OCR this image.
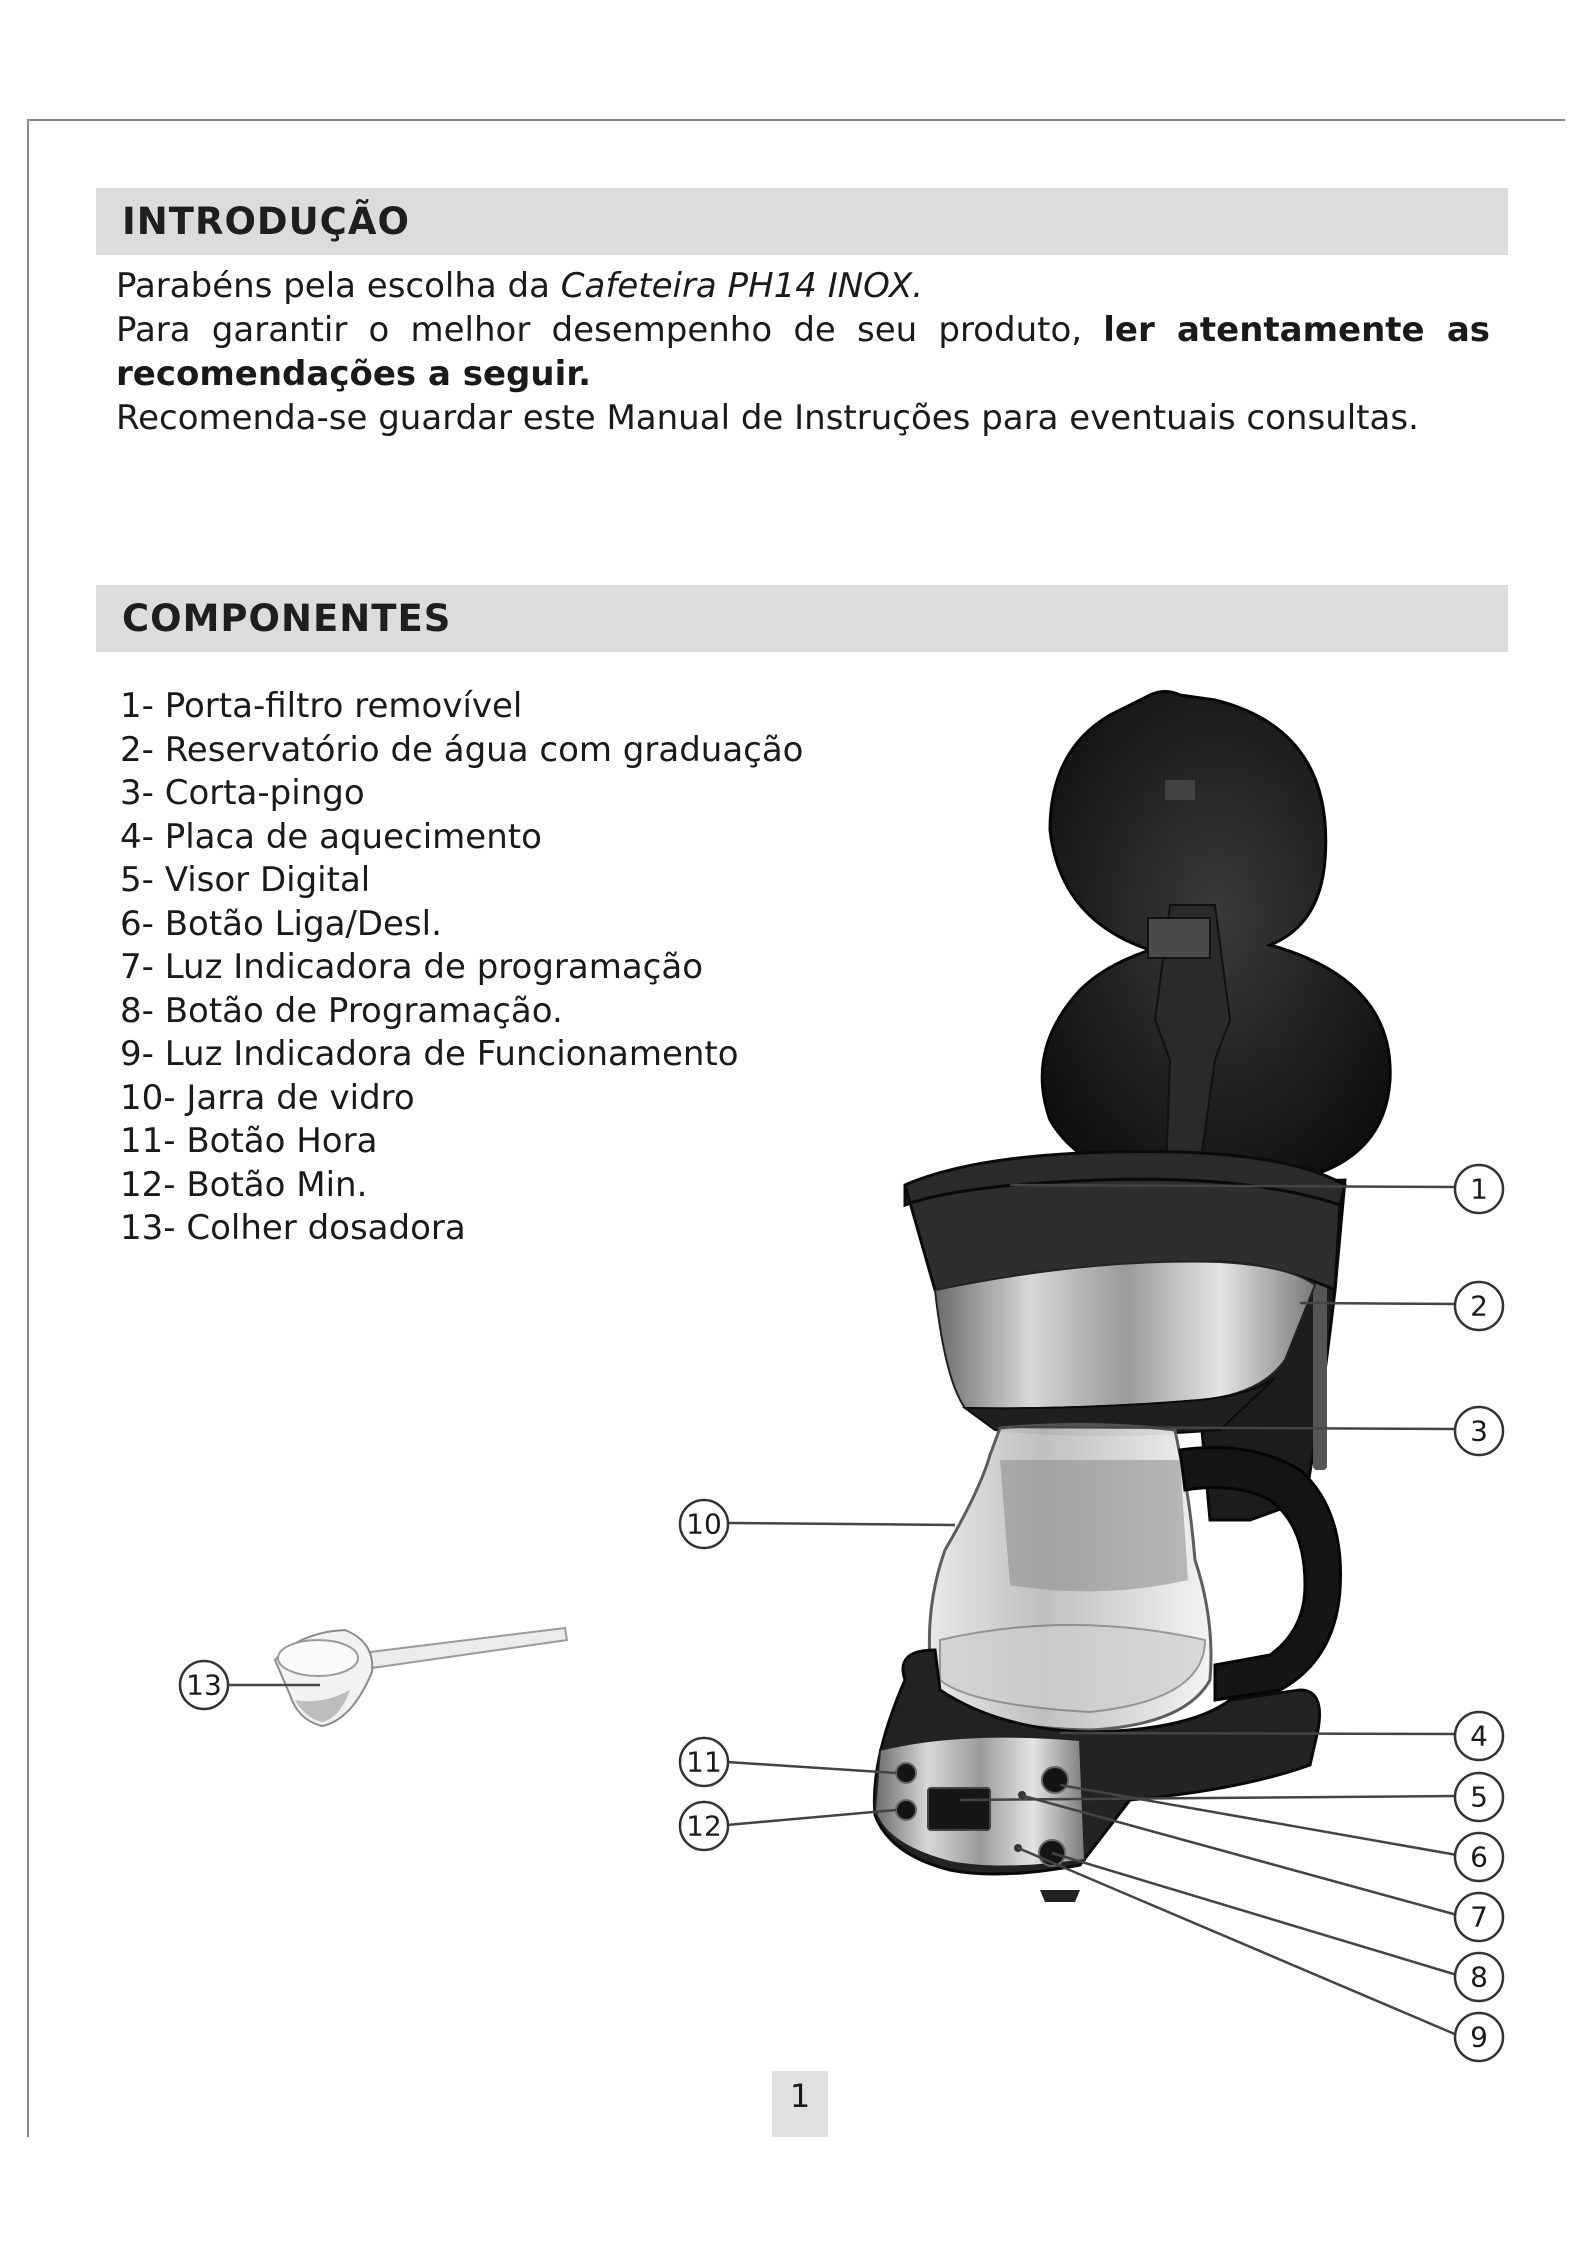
INTRODUÇÃO

Parabéns pela escolha da Cafeteira PH14 INOX.

Para garantir o melhor desempenho de seu produto, ler atentamente as

recomendações a seguir.

Recomenda-se guardar este Manual de Instruções para eventuais consultas.

COMPONENTES
1- Porta-filtro removível
2- Reservatório de água com graduação
3- Corta-pingo
4- Placa de aquecimento
5- Visor Digital
6- Botão Liga/Desl.
7- Luz Indicadora de programação
8- Botão de Programação.
9- Luz Indicadora de Funcionamento
10- Jarra de vidro
11- Botão Hora
12- Botão Min.
13- Colher dosadora
1
2
3
4
5
6
7
8
9
10
11
12
13
1
